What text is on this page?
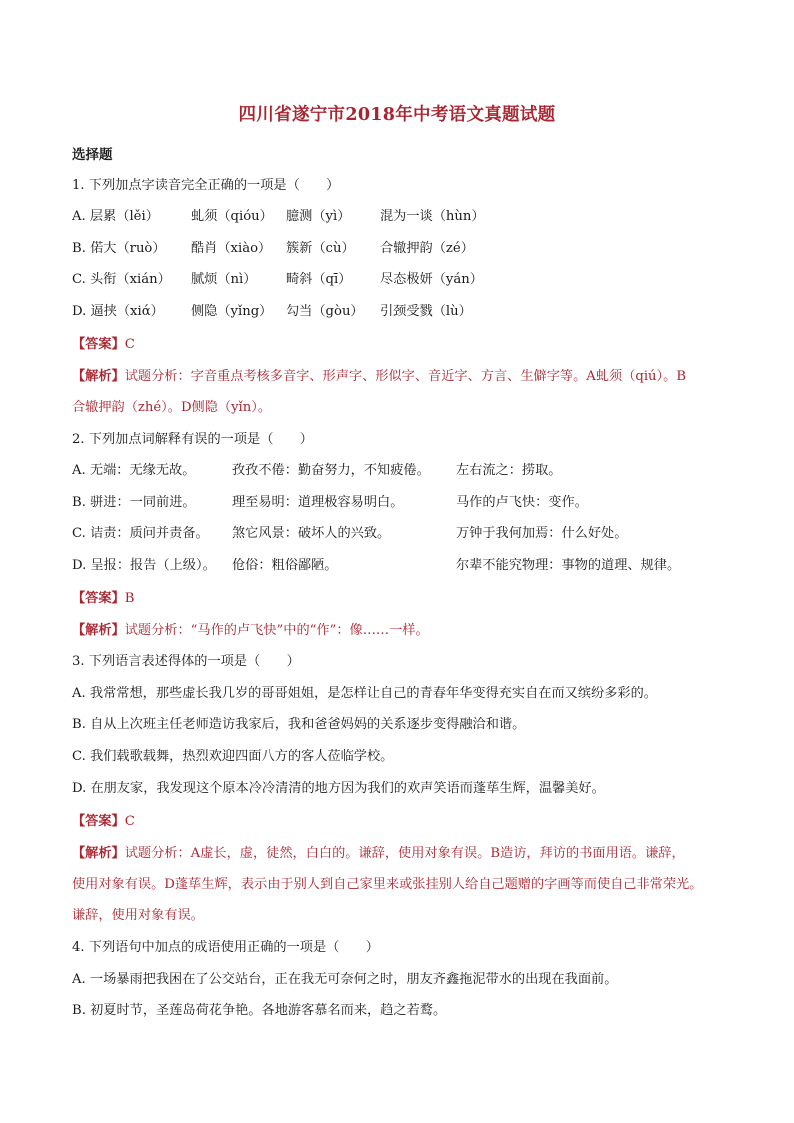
四川省遂宁市2018年中考语文真题试题
选择题
1. 下列加点字读音完全正确的一项是（　　）
A. 层累（lěi） 虬须（qiόu） 臆测（yì） 混为一谈（hùn）
B. 偌大（ruò） 酷肖（xiào） 簇新（cù） 合辙押韵（zé）
C. 头衔（xián） 腻烦（nì） 畸斜（qī） 尽态极妍（yán）
D. 逼挟（xiά） 侧隐（yǐng） 勾当（gòu） 引颈受戮（lù）
【答案】C
【解析】试题分析：字音重点考核多音字、形声字、形似字、音近字、方言、生僻字等。A虬须（qiú）。B
合辙押韵（zhé）。D侧隐（yǐn）。
2. 下列加点词解释有误的一项是（　　）
A. 无端：无缘无故。	孜孜不倦：勤奋努力，不知疲倦。 左右流之：捞取。
B. 骈进：一同前进。	理至易明：道理极容易明白。	马作的卢飞快：变作。
C. 诘责：质问并责备。 煞它风景：破坏人的兴致。	万钟于我何加焉：什么好处。
D. 呈报：报告（上级）。 伧俗：粗俗鄙陋。	尔辈不能究物理：事物的道理、规律。
【答案】B
【解析】试题分析：“马作的卢飞快”中的“作”：像……一样。
3. 下列语言表述得体的一项是（　　）
A. 我常常想，那些虚长我几岁的哥哥姐姐，是怎样让自己的青春年华变得充实自在而又缤纷多彩的。
B. 自从上次班主任老师造访我家后，我和爸爸妈妈的关系逐步变得融洽和谐。
C. 我们载歌载舞，热烈欢迎四面八方的客人莅临学校。
D. 在朋友家，我发现这个原本冷冷清清的地方因为我们的欢声笑语而蓬荜生辉，温馨美好。
【答案】C
【解析】试题分析：A虚长，虚，徒然，白白的。谦辞，使用对象有误。B造访，拜访的书面用语。谦辞，
使用对象有误。D蓬荜生辉，表示由于别人到自己家里来或张挂别人给自己题赠的字画等而使自己非常荣光。
谦辞，使用对象有误。
4. 下列语句中加点的成语使用正确的一项是（　　）
A. 一场暴雨把我困在了公交站台，正在我无可奈何之时，朋友齐鑫拖泥带水的出现在我面前。
B. 初夏时节，圣莲岛荷花争艳。各地游客慕名而来，趋之若鹜。
